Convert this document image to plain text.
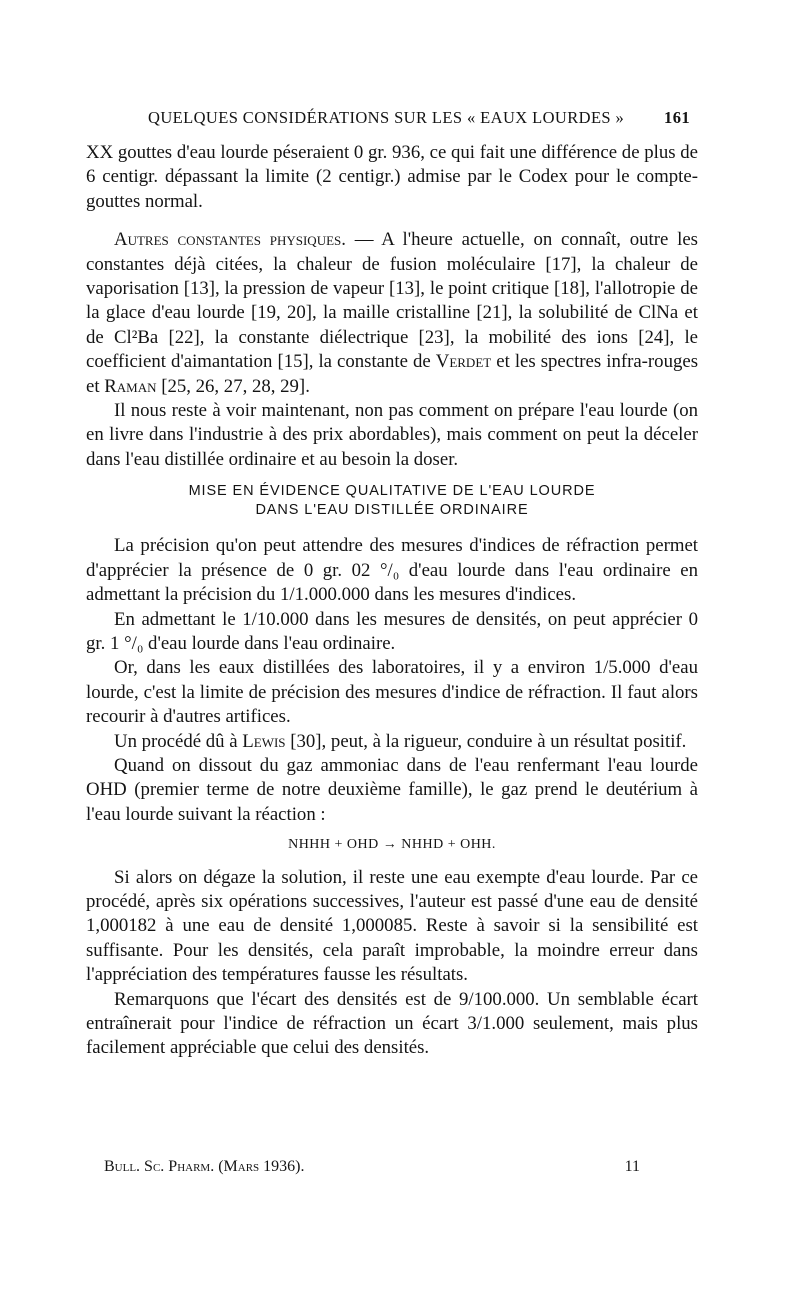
QUELQUES CONSIDÉRATIONS SUR LES « EAUX LOURDES » 161

XX gouttes d'eau lourde péseraient 0 gr. 936, ce qui fait une différence de plus de 6 centigr. dépassant la limite (2 centigr.) admise par le Codex pour le compte-gouttes normal.

Autres constantes physiques. — A l'heure actuelle, on connaît, outre les constantes déjà citées, la chaleur de fusion moléculaire [17], la chaleur de vaporisation [13], la pression de vapeur [13], le point critique [18], l'allotropie de la glace d'eau lourde [19, 20], la maille cristalline [21], la solubilité de ClNa et de Cl²Ba [22], la constante diélectrique [23], la mobilité des ions [24], le coefficient d'aimantation [15], la constante de Verdet et les spectres infra-rouges et Raman [25, 26, 27, 28, 29].

Il nous reste à voir maintenant, non pas comment on prépare l'eau lourde (on en livre dans l'industrie à des prix abordables), mais comment on peut la déceler dans l'eau distillée ordinaire et au besoin la doser.

MISE EN ÉVIDENCE QUALITATIVE DE L'EAU LOURDE
DANS L'EAU DISTILLÉE ORDINAIRE

La précision qu'on peut attendre des mesures d'indices de réfraction permet d'apprécier la présence de 0 gr. 02 °/₀ d'eau lourde dans l'eau ordinaire en admettant la précision du 1/1.000.000 dans les mesures d'indices.

En admettant le 1/10.000 dans les mesures de densités, on peut apprécier 0 gr. 1 °/₀ d'eau lourde dans l'eau ordinaire.

Or, dans les eaux distillées des laboratoires, il y a environ 1/5.000 d'eau lourde, c'est la limite de précision des mesures d'indice de réfraction. Il faut alors recourir à d'autres artifices.

Un procédé dû à Lewis [30], peut, à la rigueur, conduire à un résultat positif.

Quand on dissout du gaz ammoniac dans de l'eau renfermant l'eau lourde OHD (premier terme de notre deuxième famille), le gaz prend le deutérium à l'eau lourde suivant la réaction :

NHHH + OHD → NHHD + OHH.

Si alors on dégaze la solution, il reste une eau exempte d'eau lourde. Par ce procédé, après six opérations successives, l'auteur est passé d'une eau de densité 1,000182 à une eau de densité 1,000085. Reste à savoir si la sensibilité est suffisante. Pour les densités, cela paraît improbable, la moindre erreur dans l'appréciation des températures fausse les résultats.

Remarquons que l'écart des densités est de 9/100.000. Un semblable écart entraînerait pour l'indice de réfraction un écart 3/1.000 seulement, mais plus facilement appréciable que celui des densités.

Bull. Sc. Pharm. (Mars 1936).	11
